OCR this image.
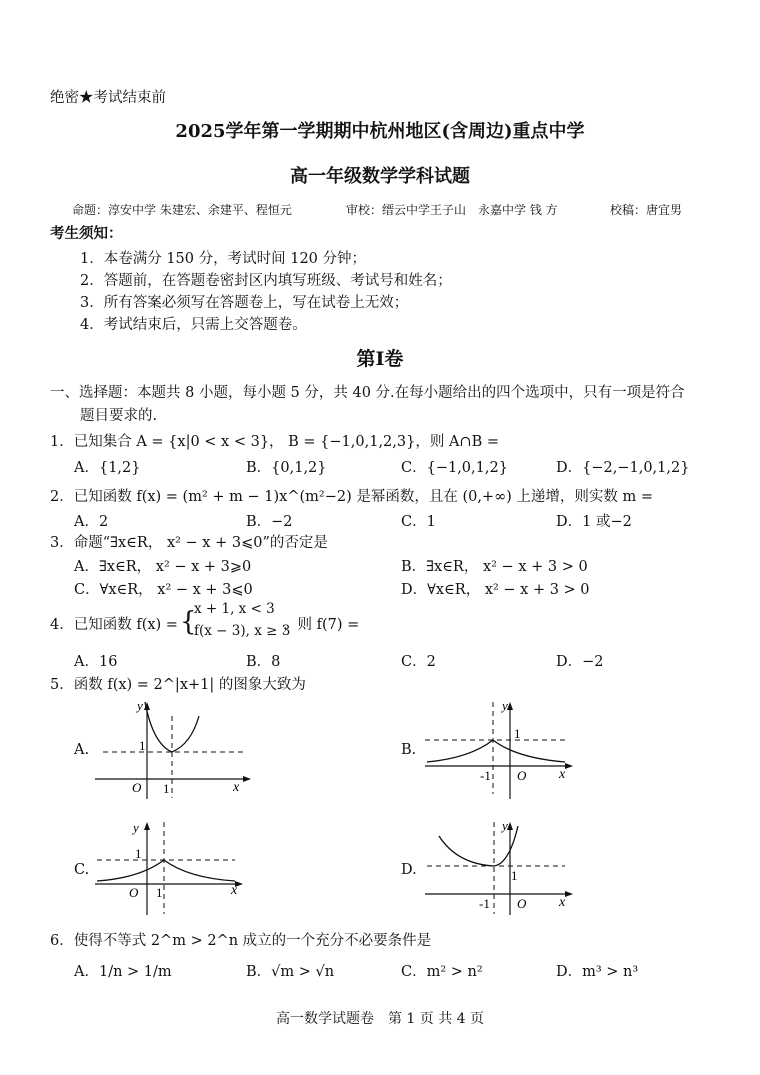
绝密★考试结束前
2025学年第一学期期中杭州地区(含周边)重点中学
高一年级数学学科试题
命题：淳安中学 朱建宏、余建平、程恒元	审校：缙云中学王子山　永嘉中学 钱 方	校稿：唐宜男
考生须知：
1．本卷满分 150 分，考试时间 120 分钟；
2．答题前，在答题卷密封区内填写班级、考试号和姓名；
3．所有答案必须写在答题卷上，写在试卷上无效；
4．考试结束后，只需上交答题卷。
第Ⅰ卷
一、选择题：本题共 8 小题，每小题 5 分，共 40 分.在每小题给出的四个选项中，只有一项是符合
题目要求的.
1．已知集合 A = {x|0 < x < 3}， B = {−1,0,1,2,3}，则 A∩B =
A．{1,2}	B．{0,1,2}	C．{−1,0,1,2}	D．{−2,−1,0,1,2}
2．已知函数 f(x) = (m² + m − 1)x^(m²−2) 是幂函数，且在 (0,+∞) 上递增，则实数 m =
A．2	B．−2	C．1	D．1 或−2
3．命题“∃x∈R， x² − x + 3⩽0”的否定是
A．∃x∈R， x² − x + 3⩾0	B．∃x∈R， x² − x + 3 > 0
C．∀x∈R， x² − x + 3⩽0	D．∀x∈R， x² − x + 3 > 0
4．已知函数 f(x) = {
x + 1, x < 3
f(x − 3), x ≥ 3
，则 f(7) =
A．16	B．8	C．2	D．−2
5．函数 f(x) = 2^|x+1| 的图象大致为
A.
y
x
O 1
1	B.
y
x
O
-1
1
C.
y
x
O 1
1
D.
y
x
O
-1
1
6．使得不等式 2^m > 2^n 成立的一个充分不必要条件是
A．1/n > 1/m	B．√m > √n	C．m² > n²	D．m³ > n³
高一数学试题卷　第 1 页 共 4 页
